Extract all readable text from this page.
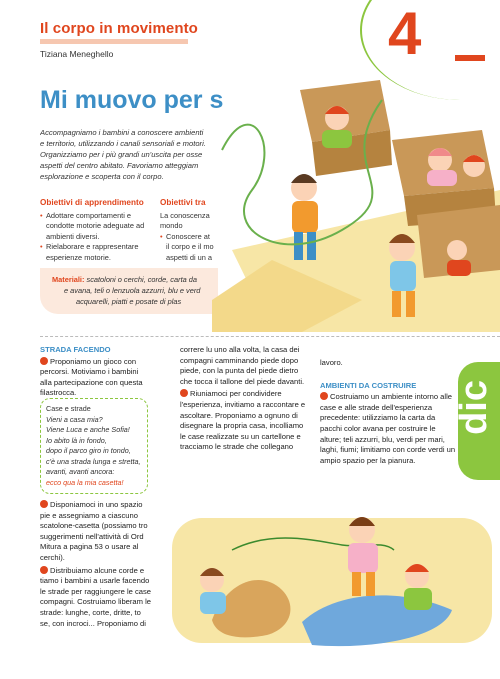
Il corpo in movimento
Tiziana Meneghello	4
Mi muovo per s
Accompagniamo i bambini a conoscere ambienti
e territorio, utilizzando i canali sensoriali e motori.
Organizziamo per i più grandi un'uscita per osse
aspetti del centro abitato. Favoriamo atteggiam
esplorazione e scoperta con il corpo.
Obiettivi di apprendimento
• Adottare comportamenti e condotte motorie adeguate ad ambienti diversi.
• Rielaborare e rappresentare esperienze motorie.
Obiettivi tra
La conoscenza
mondo
• Conoscere at il corpo e il mo aspetti di un a
Materiali: scatoloni o cerchi, corde, carta da
e avana, teli o lenzuola azzurri, blu e verd
acquarelli, piatti e posate di plas
STRADA FACENDO
Proponiamo un gioco con percorsi. Motiviamo i bambini alla partecipazione con questa filastrocca.
Case e strade
Vieni a casa mia?
Viene Luca e anche Sofia!
Io abito là in fondo,
dopo il parco giro in tondo,
c'è una strada lunga e stretta,
avanti, avanti ancora:
ecco qua la mia casetta!
Disponiamoci in uno spazio pie e assegniamo a ciascuno scatolone-casetta (possiamo tro suggerimenti nell'attività di Ord Mitura a pagina 53 o usare al cerchi).
Distribuiamo alcune corde e tiamo i bambini a usarle facendo le strade per raggiungere le case compagni. Costruiamo liberam le strade: lunghe, corte, dritte, to se, con incroci... Proponiamo di
correre lu uno alla volta, la casa dei compagni camminando piede dopo piede, con la punta del piede dietro che tocca il tallone del piede davanti.
Riuniamoci per condividere l'esperienza, invitiamo a raccontare e ascoltare. Proponiamo a ognuno di disegnare la propria casa, incolliamo le case realizzate su un cartellone e tracciamo le strade che collegano
lavoro.
AMBIENTI DA COSTRUIRE
Costruiamo un ambiente intorno alle case e alle strade dell'esperienza precedente: utilizziamo la carta da pacchi color avana per costruire le alture; teli azzurri, blu, verdi per mari, laghi, fiumi; limitiamo con corde verdi un ampio spazio per la pianura.
dic
